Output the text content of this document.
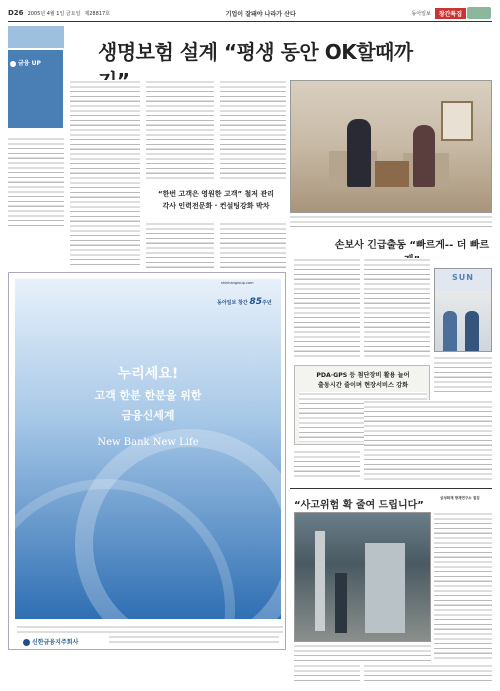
D26 2005년 4월 1일 금요일 제28817호	기업이 잘돼야 나라가 산다	동아일보	창간특집
금융 UP	생명보험 설계 “평생 동안 OK할때까
“한번 고객은 영원한 고객” 철저 관리
각사 인력전문화 · 컨설팅강화 박차
손보사 긴급출동 “빠르게-- 더 빠르
SUN
PDA·GPS 등 첨단장비 활용 늘어
출동시간 줄이며 현장서비스 강화
“사고위험 확 줄여 드립니다”
삼성화재 방재연구소 점검
누리세요!
고객 한분 한분을 위한
금융신세계
New Bank New Life
shinhangroup.com
동아일보 창간 85주년
신한금융지주회사
